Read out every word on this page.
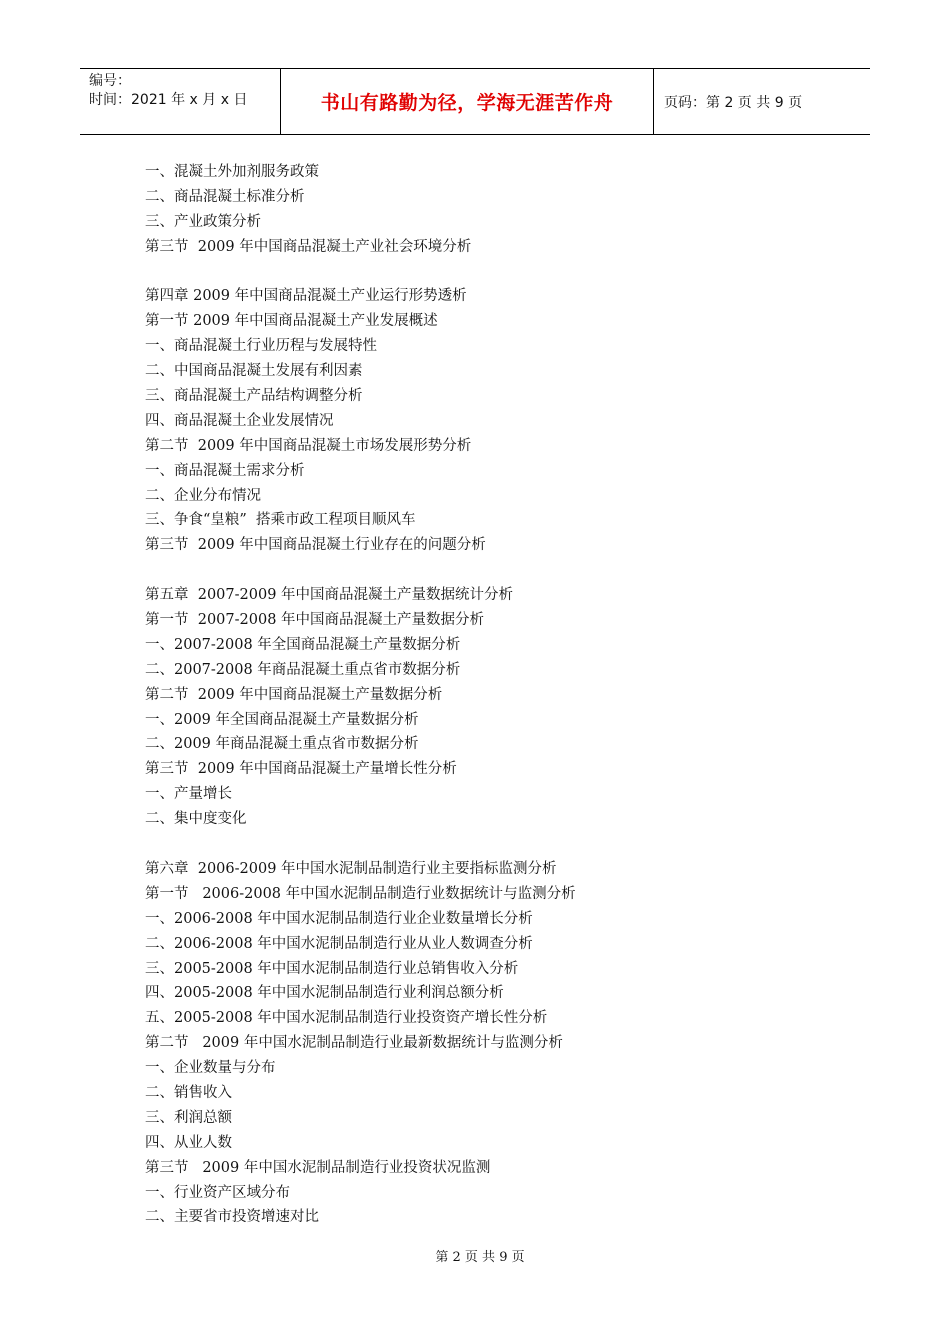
编号：
时间：2021 年 x 月 x 日	书山有路勤为径，学海无涯苦作舟	页码：第 2 页 共 9 页
一、混凝土外加剂服务政策
二、商品混凝土标准分析
三、产业政策分析
第三节  2009 年中国商品混凝土产业社会环境分析
第四章 2009 年中国商品混凝土产业运行形势透析
第一节 2009 年中国商品混凝土产业发展概述
一、商品混凝土行业历程与发展特性
二、中国商品混凝土发展有利因素
三、商品混凝土产品结构调整分析
四、商品混凝土企业发展情况
第二节  2009 年中国商品混凝土市场发展形势分析
一、商品混凝土需求分析
二、企业分布情况
三、争食“皇粮”  搭乘市政工程项目顺风车
第三节  2009 年中国商品混凝土行业存在的问题分析
第五章  2007-2009 年中国商品混凝土产量数据统计分析
第一节  2007-2008 年中国商品混凝土产量数据分析
一、2007-2008 年全国商品混凝土产量数据分析
二、2007-2008 年商品混凝土重点省市数据分析
第二节  2009 年中国商品混凝土产量数据分析
一、2009 年全国商品混凝土产量数据分析
二、2009 年商品混凝土重点省市数据分析
第三节  2009 年中国商品混凝土产量增长性分析
一、产量增长
二、集中度变化
第六章  2006-2009 年中国水泥制品制造行业主要指标监测分析
第一节   2006-2008 年中国水泥制品制造行业数据统计与监测分析
一、2006-2008 年中国水泥制品制造行业企业数量增长分析
二、2006-2008 年中国水泥制品制造行业从业人数调查分析
三、2005-2008 年中国水泥制品制造行业总销售收入分析
四、2005-2008 年中国水泥制品制造行业利润总额分析
五、2005-2008 年中国水泥制品制造行业投资资产增长性分析
第二节   2009 年中国水泥制品制造行业最新数据统计与监测分析
一、企业数量与分布
二、销售收入
三、利润总额
四、从业人数
第三节   2009 年中国水泥制品制造行业投资状况监测
一、行业资产区域分布
二、主要省市投资增速对比
第 2 页 共 9 页
